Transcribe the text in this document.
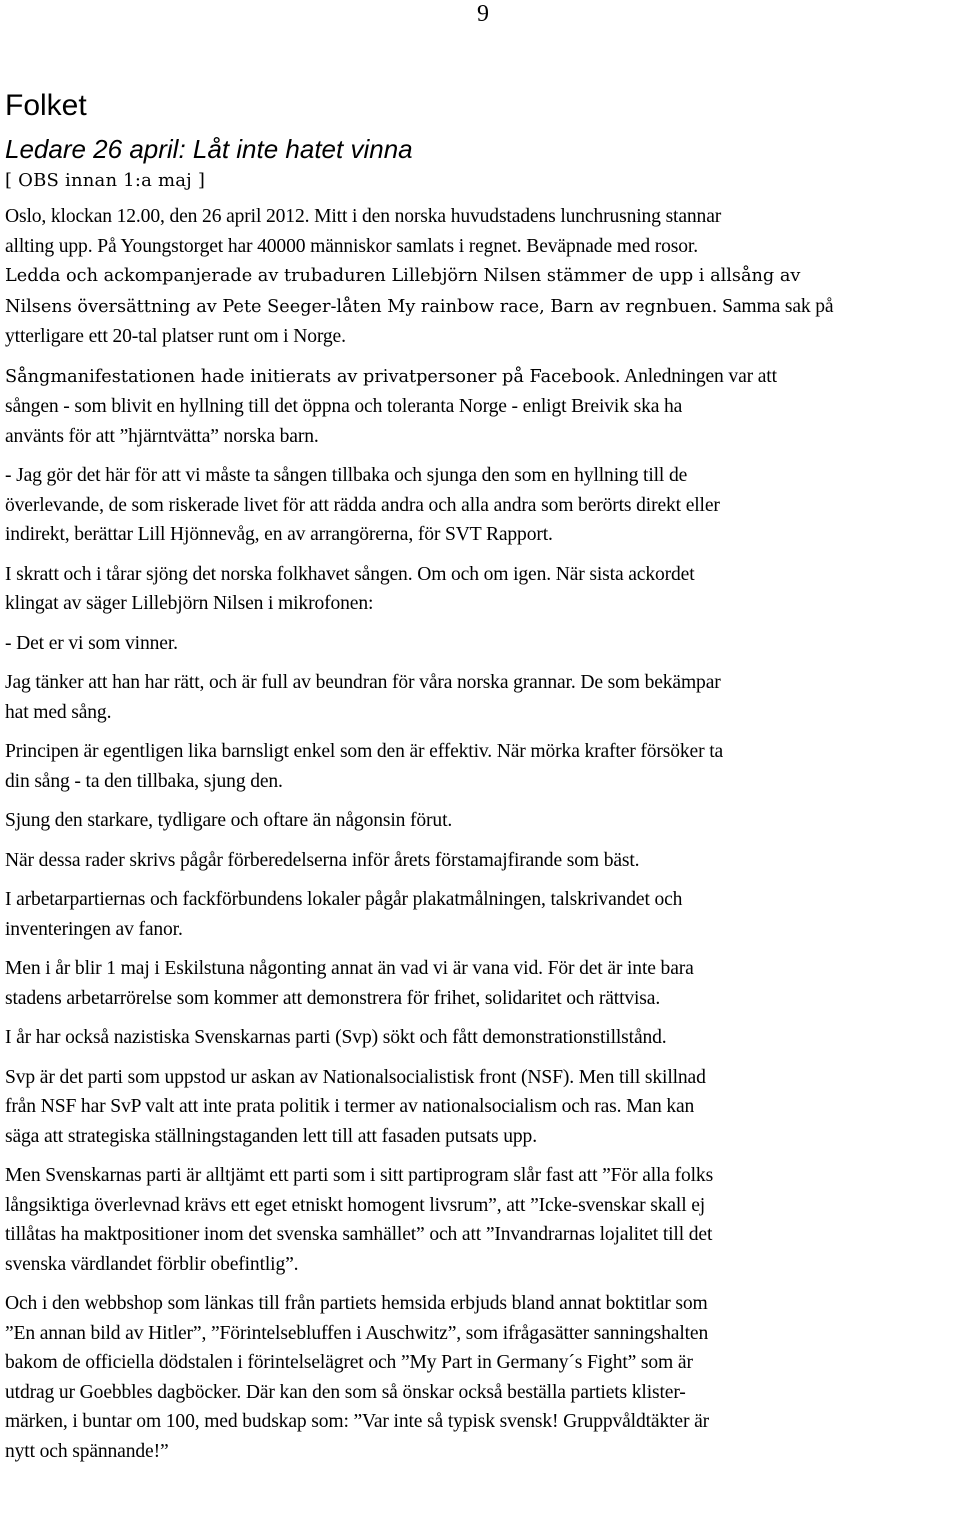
9
Folket
Ledare 26 april: Låt inte hatet vinna
[ OBS innan 1:a maj ]

Oslo, klockan 12.00, den 26 april 2012. Mitt i den norska huvudstadens lunchrusning stannar
allting upp. På Youngstorget har 40000 människor samlats i regnet. Beväpnade med rosor.
Ledda och ackompanjerade av trubaduren Lillebjörn Nilsen stämmer de upp i allsång av
Nilsens översättning av Pete Seeger-låten My rainbow race, Barn av regnbuen. Samma sak på
ytterligare ett 20-tal platser runt om i Norge.

Sångmanifestationen hade initierats av privatpersoner på Facebook. Anledningen var att
sången - som blivit en hyllning till det öppna och toleranta Norge - enligt Breivik ska ha
använts för att ”hjärntvätta” norska barn.

- Jag gör det här för att vi måste ta sången tillbaka och sjunga den som en hyllning till de
överlevande, de som riskerade livet för att rädda andra och alla andra som berörts direkt eller
indirekt, berättar Lill Hjönnevåg, en av arrangörerna, för SVT Rapport.

I skratt och i tårar sjöng det norska folkhavet sången. Om och om igen. När sista ackordet
klingat av säger Lillebjörn Nilsen i mikrofonen:

- Det er vi som vinner.

Jag tänker att han har rätt, och är full av beundran för våra norska grannar. De som bekämpar
hat med sång.

Principen är egentligen lika barnsligt enkel som den är effektiv. När mörka krafter försöker ta
din sång - ta den tillbaka, sjung den.

Sjung den starkare, tydligare och oftare än någonsin förut.

När dessa rader skrivs pågår förberedelserna inför årets förstamajfirande som bäst.

I arbetarpartiernas och fackförbundens lokaler pågår plakatmålningen, talskrivandet och
inventeringen av fanor.

Men i år blir 1 maj i Eskilstuna någonting annat än vad vi är vana vid. För det är inte bara
stadens arbetarrörelse som kommer att demonstrera för frihet, solidaritet och rättvisa.

I år har också nazistiska Svenskarnas parti (Svp) sökt och fått demonstrationstillstånd.

Svp är det parti som uppstod ur askan av Nationalsocialistisk front (NSF). Men till skillnad
från NSF har SvP valt att inte prata politik i termer av nationalsocialism och ras. Man kan
säga att strategiska ställningstaganden lett till att fasaden putsats upp.

Men Svenskarnas parti är alltjämt ett parti som i sitt partiprogram slår fast att ”För alla folks
långsiktiga överlevnad krävs ett eget etniskt homogent livsrum”, att ”Icke-svenskar skall ej
tillåtas ha maktpositioner inom det svenska samhället” och att ”Invandrarnas lojalitet till det
svenska värdlandet förblir obefintlig”.

Och i den webbshop som länkas till från partiets hemsida erbjuds bland annat boktitlar som
”En annan bild av Hitler”, ”Förintelsebluffen i Auschwitz”, som ifrågasätter sanningshalten
bakom de officiella dödstalen i förintelselägret och ”My Part in Germany´s Fight” som är
utdrag ur Goebbles dagböcker. Där kan den som så önskar också beställa partiets klister-
märken, i buntar om 100, med budskap som: ”Var inte så typisk svensk! Gruppvåldtäkter är
nytt och spännande!”
